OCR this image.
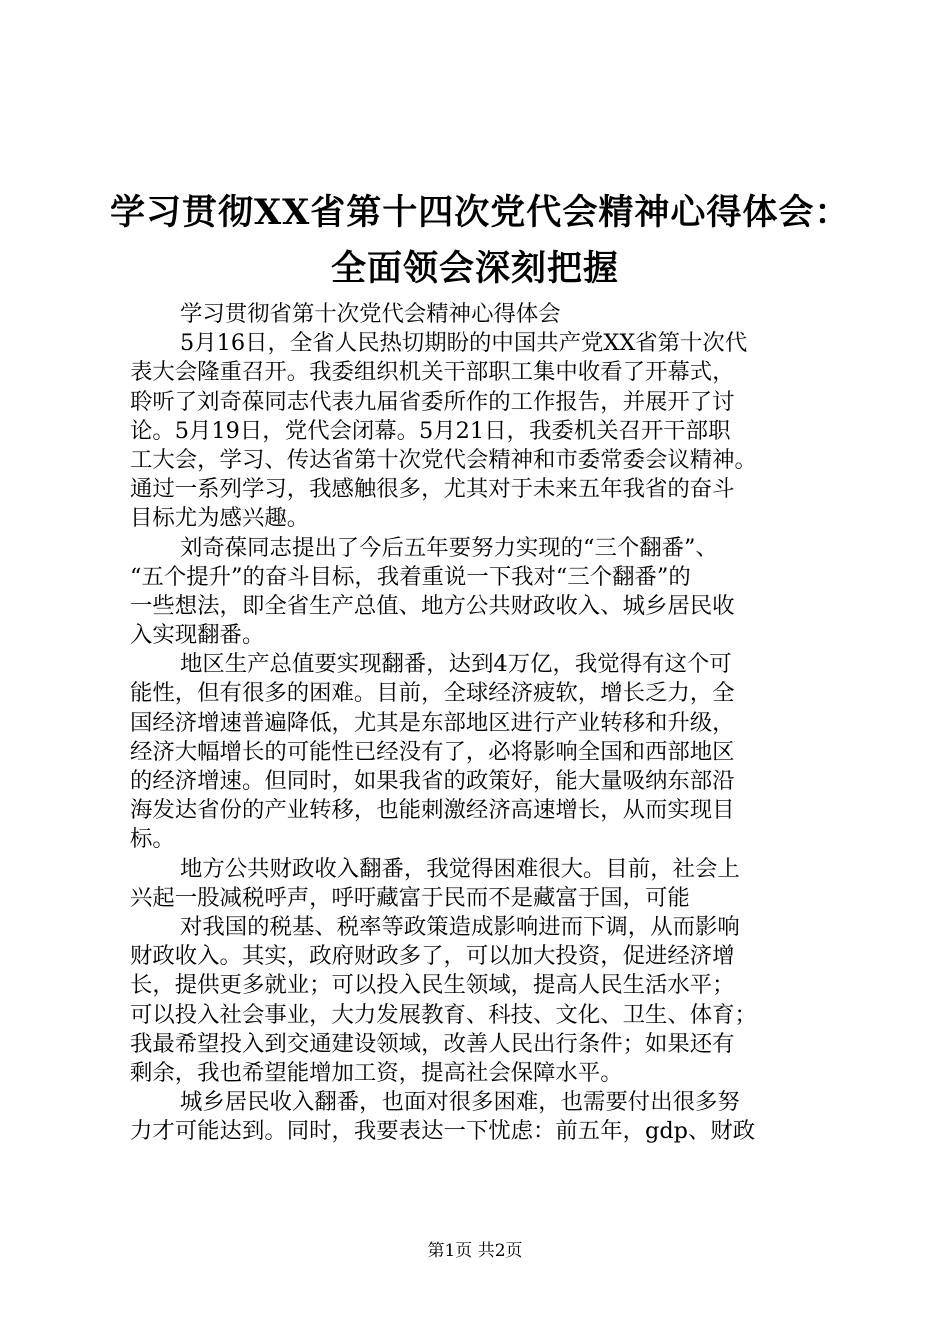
学习贯彻XX省第十四次党代会精神心得体会：
全面领会深刻把握
学习贯彻省第十次党代会精神心得体会
5月16日，全省人民热切期盼的中国共产党XX省第十次代
表大会隆重召开。我委组织机关干部职工集中收看了开幕式，
聆听了刘奇葆同志代表九届省委所作的工作报告，并展开了讨
论。5月19日，党代会闭幕。5月21日，我委机关召开干部职
工大会，学习、传达省第十次党代会精神和市委常委会议精神。
通过一系列学习，我感触很多，尤其对于未来五年我省的奋斗
目标尤为感兴趣。
刘奇葆同志提出了今后五年要努力实现的“三个翻番”、
“五个提升”的奋斗目标，我着重说一下我对“三个翻番”的
一些想法，即全省生产总值、地方公共财政收入、城乡居民收
入实现翻番。
地区生产总值要实现翻番，达到4万亿，我觉得有这个可
能性，但有很多的困难。目前，全球经济疲软，增长乏力，全
国经济增速普遍降低，尤其是东部地区进行产业转移和升级，
经济大幅增长的可能性已经没有了，必将影响全国和西部地区
的经济增速。但同时，如果我省的政策好，能大量吸纳东部沿
海发达省份的产业转移，也能刺激经济高速增长，从而实现目
标。
地方公共财政收入翻番，我觉得困难很大。目前，社会上
兴起一股减税呼声，呼吁藏富于民而不是藏富于国，可能
对我国的税基、税率等政策造成影响进而下调，从而影响
财政收入。其实，政府财政多了，可以加大投资，促进经济增
长，提供更多就业；可以投入民生领域，提高人民生活水平；
可以投入社会事业，大力发展教育、科技、文化、卫生、体育；
我最希望投入到交通建设领域，改善人民出行条件；如果还有
剩余，我也希望能增加工资，提高社会保障水平。
城乡居民收入翻番，也面对很多困难，也需要付出很多努
力才可能达到。同时，我要表达一下忧虑：前五年，gdp、财政
第1页 共2页
